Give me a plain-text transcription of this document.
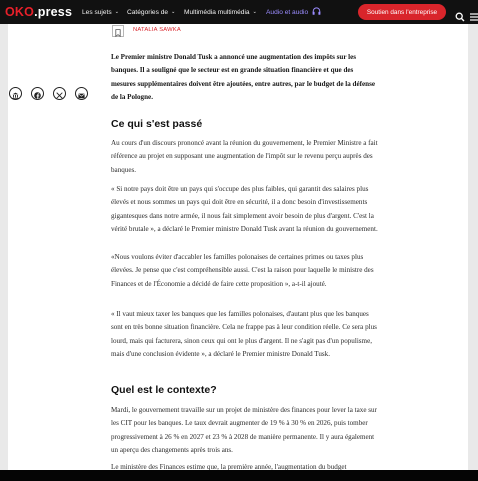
OKO.press Les sujets ⌄ Catégories de ⌄ Multimédia multimédia ⌄ Audio et audio	Soutien dans l'entreprise
NATALIA SAWKA

Le Premier ministre Donald Tusk a annoncé une augmentation des impôts sur les banques. Il a souligné que le secteur est en grande situation financière et que des mesures supplémentaires doivent être ajoutées, entre autres, par le budget de la défense de la Pologne.

Ce qui s'est passé

Au cours d'un discours prononcé avant la réunion du gouvernement, le Premier Ministre a fait référence au projet en supposant une augmentation de l'impôt sur le revenu perçu auprès des banques.

« Si notre pays doit être un pays qui s'occupe des plus faibles, qui garantit des salaires plus élevés et nous sommes un pays qui doit être en sécurité, il a donc besoin d'investissements gigantesques dans notre armée, il nous fait simplement avoir besoin de plus d'argent. C'est la vérité brutale », a déclaré le Premier ministre Donald Tusk avant la réunion du gouvernement.

«Nous voulons éviter d'accabler les familles polonaises de certaines primes ou taxes plus élevées. Je pense que c'est compréhensible aussi. C'est la raison pour laquelle le ministre des Finances et de l'Économie a décidé de faire cette proposition », a-t-il ajouté.

« Il vaut mieux taxer les banques que les familles polonaises, d'autant plus que les banques sont en très bonne situation financière. Cela ne frappe pas à leur condition réelle. Ce sera plus lourd, mais qui facturera, sinon ceux qui ont le plus d'argent. Il ne s'agit pas d'un populisme, mais d'une conclusion évidente », a déclaré le Premier ministre Donald Tusk.

Quel est le contexte?

Mardi, le gouvernement travaille sur un projet de ministère des finances pour lever la taxe sur les CIT pour les banques. Le taux devrait augmenter de 19 % à 30 % en 2026, puis tomber progressivement à 26 % en 2027 et 23 % à 2028 de manière permanente. Il y aura également un aperçu des changements après trois ans.

Le ministère des Finances estime que, la première année, l'augmentation du budget
